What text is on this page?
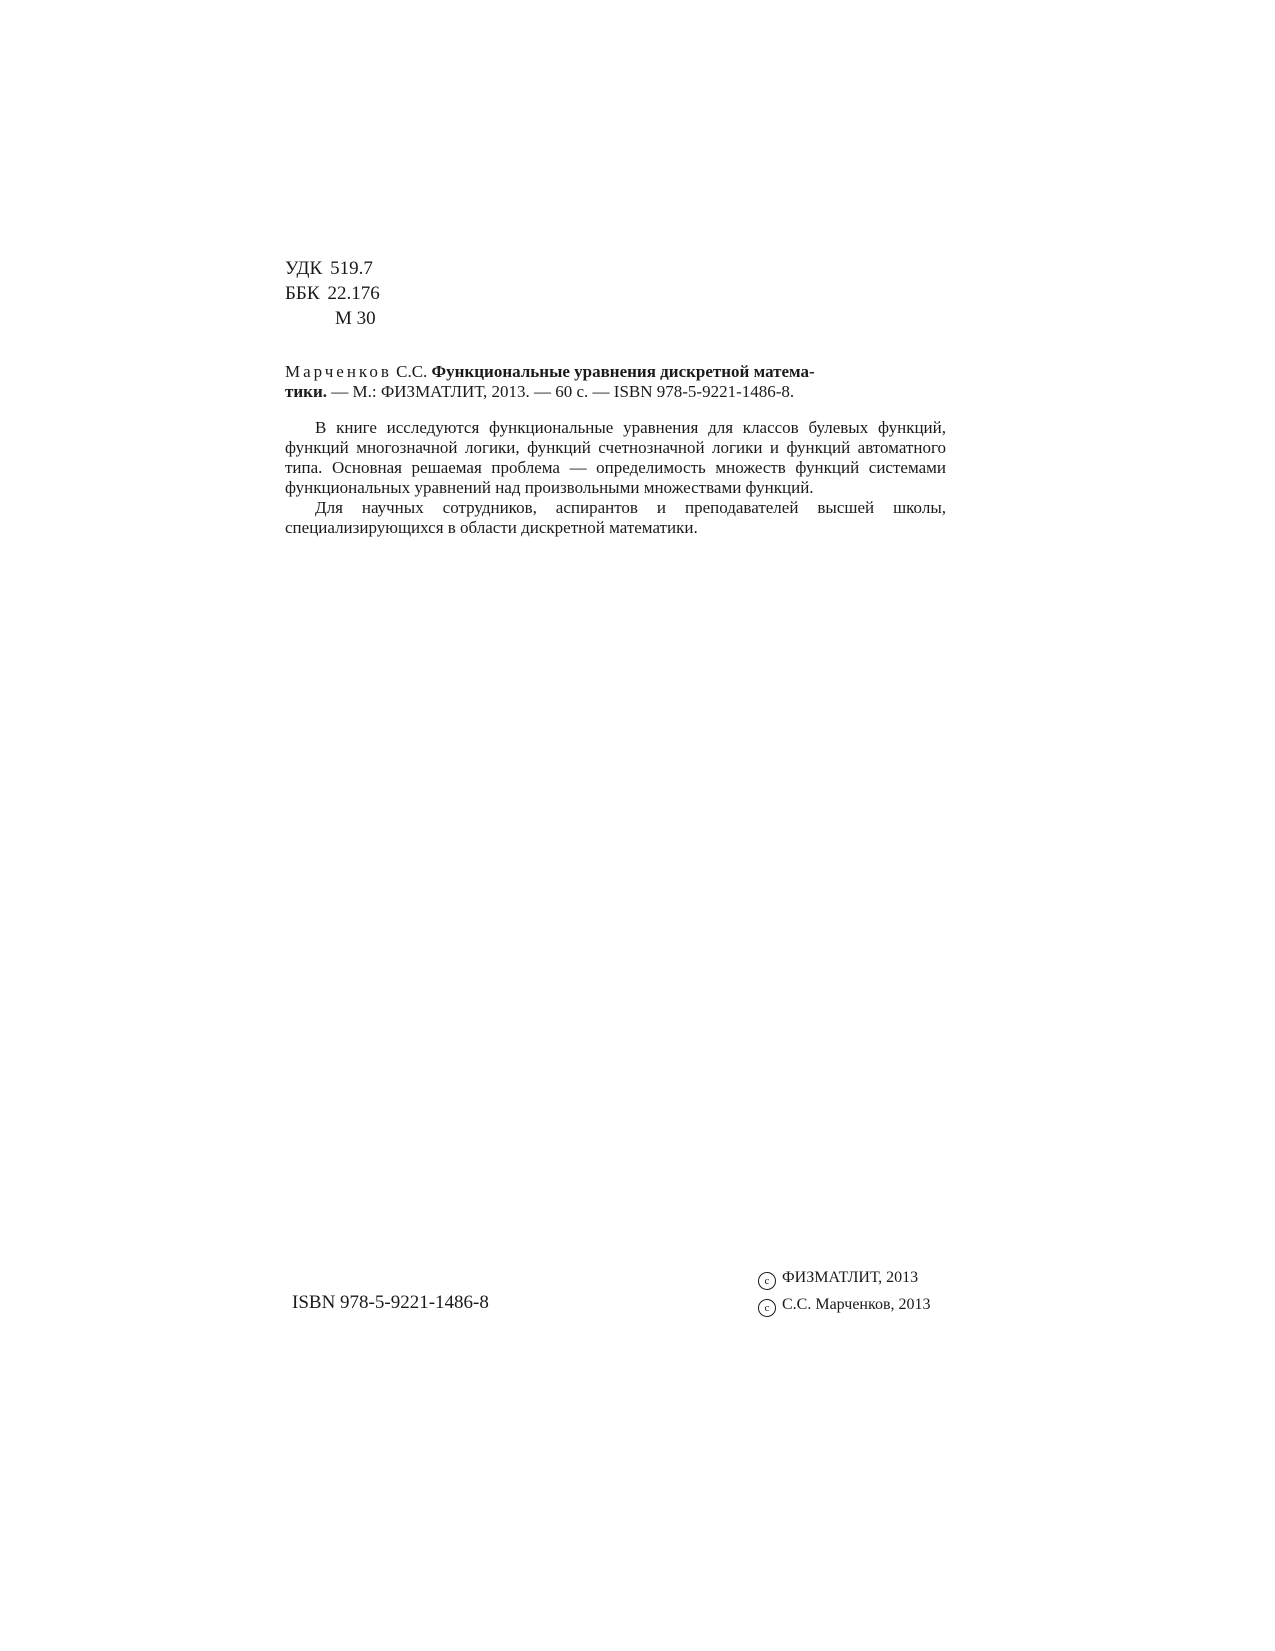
УДК 519.7
ББК 22.176
М 30
Марченков С.С. Функциональные уравнения дискретной матема-
тики. — М.: ФИЗМАТЛИТ, 2013. — 60 с. — ISBN 978-5-9221-1486-8.

В книге исследуются функциональные уравнения для классов булевых функций, функций многозначной логики, функций счетнозначной логики и функций автоматного типа. Основная решаемая проблема — определимость множеств функций системами функциональных уравнений над произвольными множествами функций.

Для научных сотрудников, аспирантов и преподавателей высшей школы, специализирующихся в области дискретной математики.

ISBN 978-5-9221-1486-8
c ФИЗМАТЛИТ, 2013
c С.С. Марченков, 2013
